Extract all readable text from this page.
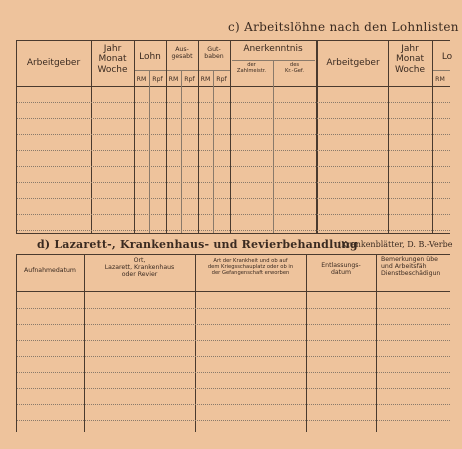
c) Arbeitslöhne nach den Lohnlisten
Arbeitgeber
Jahr
Monat
Woche
Lohn
RM Rpf
Aus-
gesabt
RM Rpf
Gut-
baben
RM Rpf
Anerkenntnis
der
Zahlmeistr.
des
Kr.-Gef.
Arbeitgeber
Jahr
Monat
Woche
Lo
RM
d) Lazarett-, Krankenhaus- und Revierbehandlung
(Krankenblätter, D. B.-Verbe
Aufnahmedatum
Ort,
Lazarett, Krankenhaus
oder Revier
Art der Krankheit und ob auf
dem Kriegsschauplatz oder ob in
der Gefangenschaft erworben
Entlassungs-
datum
Bemerkungen übe
und Arbeitsfäh
Dienstbeschädigun
